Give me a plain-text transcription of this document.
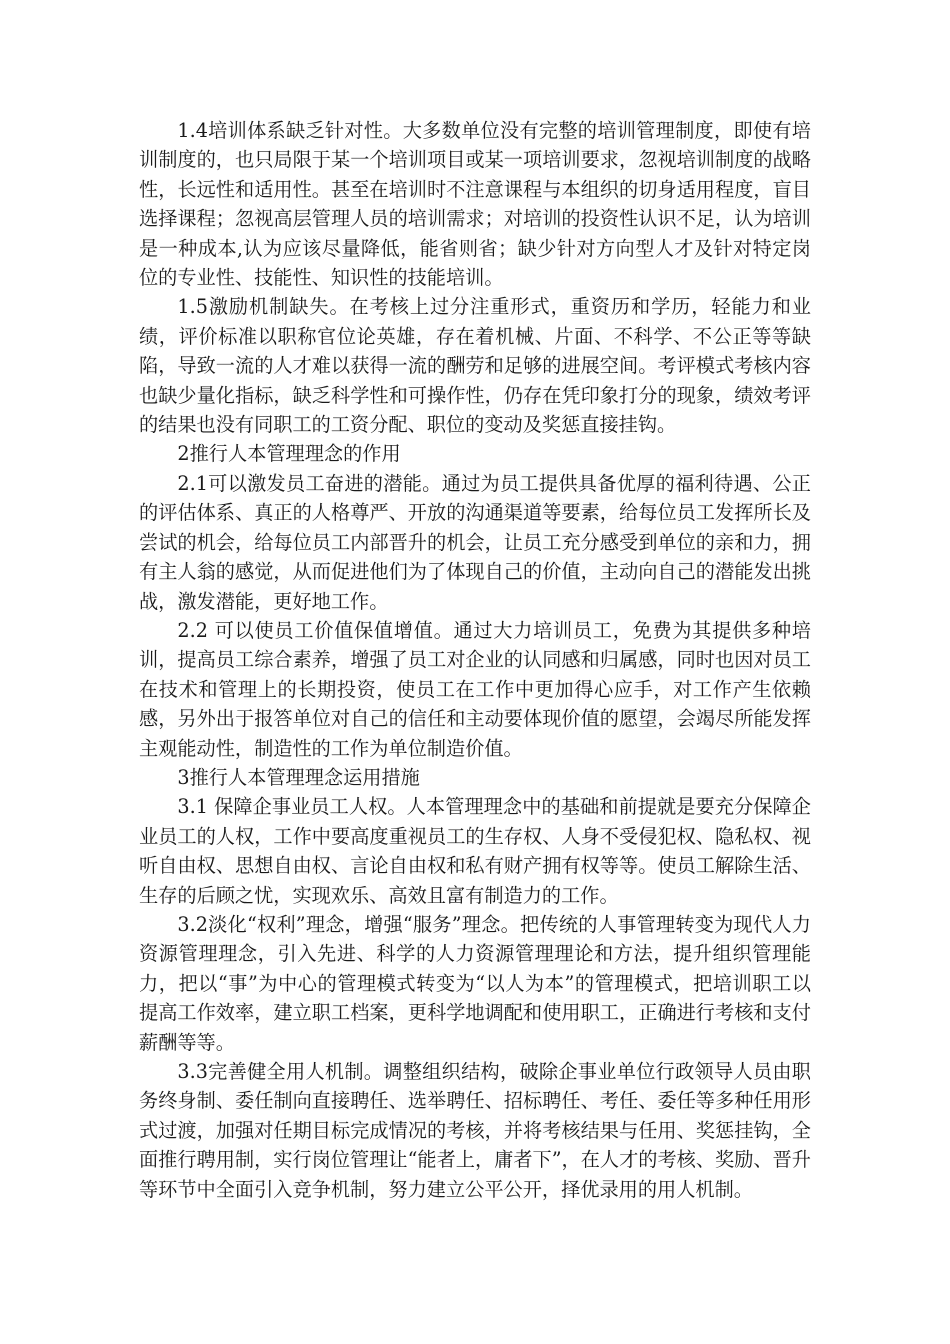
1.4培训体系缺乏针对性。大多数单位没有完整的培训管理制度，即使有培训制度的，也只局限于某一个培训项目或某一项培训要求，忽视培训制度的战略性，长远性和适用性。甚至在培训时不注意课程与本组织的切身适用程度，盲目选择课程；忽视高层管理人员的培训需求；对培训的投资性认识不足，认为培训是一种成本,认为应该尽量降低，能省则省；缺少针对方向型人才及针对特定岗位的专业性、技能性、知识性的技能培训。

1.5激励机制缺失。在考核上过分注重形式，重资历和学历，轻能力和业绩，评价标准以职称官位论英雄，存在着机械、片面、不科学、不公正等等缺陷，导致一流的人才难以获得一流的酬劳和足够的进展空间。考评模式考核内容也缺少量化指标，缺乏科学性和可操作性，仍存在凭印象打分的现象，绩效考评的结果也没有同职工的工资分配、职位的变动及奖惩直接挂钩。

2推行人本管理理念的作用

2.1可以激发员工奋进的潜能。通过为员工提供具备优厚的福利待遇、公正的评估体系、真正的人格尊严、开放的沟通渠道等要素，给每位员工发挥所长及尝试的机会，给每位员工内部晋升的机会，让员工充分感受到单位的亲和力，拥有主人翁的感觉，从而促进他们为了体现自己的价值，主动向自己的潜能发出挑战，激发潜能，更好地工作。

2.2 可以使员工价值保值增值。通过大力培训员工，免费为其提供多种培训，提高员工综合素养，增强了员工对企业的认同感和归属感，同时也因对员工在技术和管理上的长期投资，使员工在工作中更加得心应手，对工作产生依赖感，另外出于报答单位对自己的信任和主动要体现价值的愿望，会竭尽所能发挥主观能动性，制造性的工作为单位制造价值。

3推行人本管理理念运用措施

3.1 保障企事业员工人权。人本管理理念中的基础和前提就是要充分保障企业员工的人权，工作中要高度重视员工的生存权、人身不受侵犯权、隐私权、视听自由权、思想自由权、言论自由权和私有财产拥有权等等。使员工解除生活、生存的后顾之忧，实现欢乐、高效且富有制造力的工作。

3.2淡化“权利”理念，增强“服务”理念。把传统的人事管理转变为现代人力资源管理理念，引入先进、科学的人力资源管理理论和方法，提升组织管理能力，把以“事”为中心的管理模式转变为“以人为本”的管理模式，把培训职工以提高工作效率，建立职工档案，更科学地调配和使用职工，正确进行考核和支付薪酬等等。

3.3完善健全用人机制。调整组织结构，破除企事业单位行政领导人员由职务终身制、委任制向直接聘任、选举聘任、招标聘任、考任、委任等多种任用形式过渡，加强对任期目标完成情况的考核，并将考核结果与任用、奖惩挂钩，全面推行聘用制，实行岗位管理让“能者上，庸者下”，在人才的考核、奖励、晋升等环节中全面引入竞争机制，努力建立公平公开，择优录用的用人机制。
